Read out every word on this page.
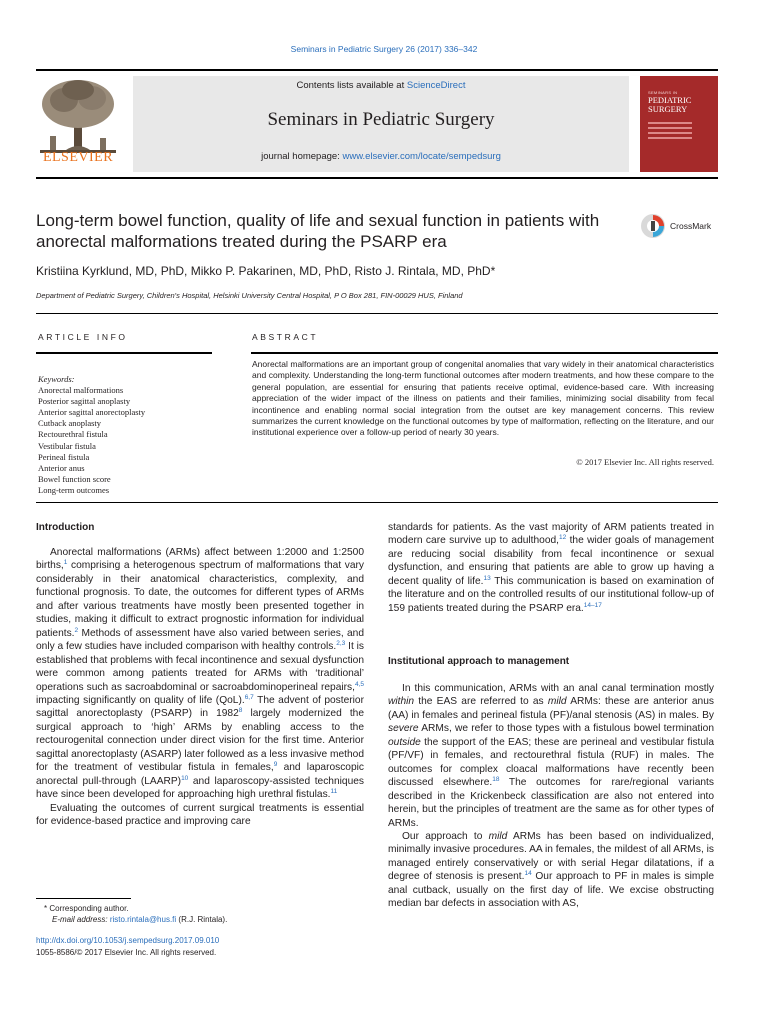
Seminars in Pediatric Surgery 26 (2017) 336–342
ELSEVIER
Contents lists available at ScienceDirect
Seminars in Pediatric Surgery
journal homepage: www.elsevier.com/locate/sempedsurg
SEMINARS IN
PEDIATRIC SURGERY
Long-term bowel function, quality of life and sexual function in patients with anorectal malformations treated during the PSARP era
CrossMark
Kristiina Kyrklund, MD, PhD, Mikko P. Pakarinen, MD, PhD, Risto J. Rintala, MD, PhD*
Department of Pediatric Surgery, Children's Hospital, Helsinki University Central Hospital, P O Box 281, FIN-00029 HUS, Finland
ARTICLE INFO	ABSTRACT
Keywords:
Anorectal malformations
Posterior sagittal anoplasty
Anterior sagittal anorectoplasty
Cutback anoplasty
Rectourethral fistula
Vestibular fistula
Perineal fistula
Anterior anus
Bowel function score
Long-term outcomes
Anorectal malformations are an important group of congenital anomalies that vary widely in their anatomical characteristics and complexity. Understanding the long-term functional outcomes after modern treatments, and how these compare to the general population, are essential for ensuring that patients receive optimal, evidence-based care. With increasing appreciation of the wider impact of the illness on patients and their families, minimizing social disability from fecal incontinence and enabling normal social integration from the outset are key management concerns. This review summarizes the current knowledge on the functional outcomes by type of malformation, reflecting on the literature, and our institutional experience over a follow-up period of nearly 30 years.
© 2017 Elsevier Inc. All rights reserved.
Introduction

Anorectal malformations (ARMs) affect between 1:2000 and 1:2500 births,$^1$ comprising a heterogenous spectrum of malformations that vary considerably in their anatomical characteristics, complexity, and functional prognosis. To date, the outcomes for different types of ARMs and after various treatments have mostly been presented together in studies, making it difficult to extract prognostic information for individual patients.$^2$ Methods of assessment have also varied between series, and only a few studies have included comparison with healthy controls.$^{2,3}$ It is established that problems with fecal incontinence and sexual dysfunction were common among patients treated for ARMs with ‘traditional’ operations such as sacroabdominal or sacroabdominoperineal repairs,$^{4,5}$ impacting significantly on quality of life (QoL).$^{6,7}$ The advent of posterior sagittal anorectoplasty (PSARP) in 1982$^8$ largely modernized the surgical approach to ‘high’ ARMs by enabling access to the rectourogenital connection under direct vision for the first time. Anterior sagittal anorectoplasty (ASARP) later followed as a less invasive method for the treatment of vestibular fistula in females,$^9$ and laparoscopic anorectal pull-through (LAARP)$^{10}$ and laparoscopy-assisted techniques have since been developed for approaching high urethral fistulas.$^{11}$

Evaluating the outcomes of current surgical treatments is essential for evidence-based practice and improving care

standards for patients. As the vast majority of ARM patients treated in modern care survive up to adulthood,$^{12}$ the wider goals of management are reducing social disability from fecal incontinence or sexual dysfunction, and ensuring that patients are able to grow up having a decent quality of life.$^{13}$ This communication is based on examination of the literature and on the controlled results of our institutional follow-up of 159 patients treated during the PSARP era.$^{14-17}$

Institutional approach to management

In this communication, ARMs with an anal canal termination mostly within the EAS are referred to as mild ARMs: these are anterior anus (AA) in females and perineal fistula (PF)/anal stenosis (AS) in males. By severe ARMs, we refer to those types with a fistulous bowel termination outside the support of the EAS; these are perineal and vestibular fistula (PF/VF) in females, and rectourethral fistula (RUF) in males. The outcomes for complex cloacal malformations have recently been discussed elsewhere.$^{18}$ The outcomes for rare/regional variants described in the Krickenbeck classification are also not entered into herein, but the principles of treatment are the same as for other types of ARMs.

Our approach to mild ARMs has been based on individualized, minimally invasive procedures. AA in females, the mildest of all ARMs, is managed entirely conservatively or with serial Hegar dilatations, if a degree of stenosis is present.$^{14}$ Our approach to PF in males is simple anal cutback, usually on the first day of life. We excise obstructing median bar defects in association with AS,

* Corresponding author.
E-mail address: risto.rintala@hus.fi (R.J. Rintala).
http://dx.doi.org/10.1053/j.sempedsurg.2017.09.010
1055-8586/© 2017 Elsevier Inc. All rights reserved.
